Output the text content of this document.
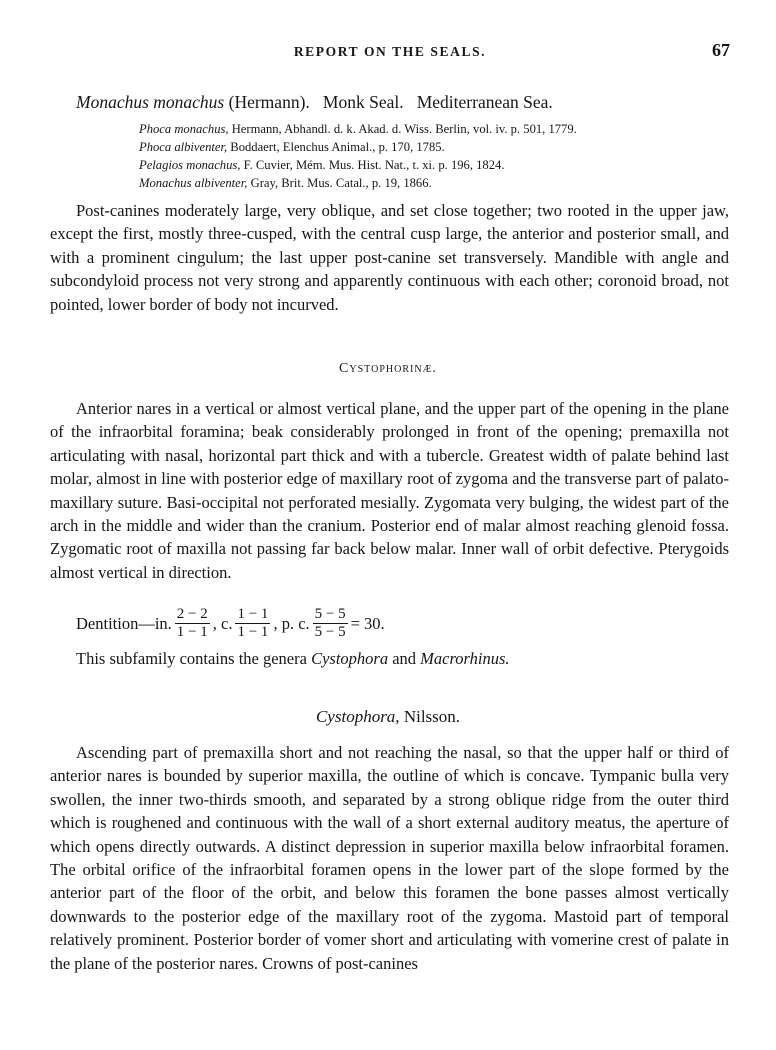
REPORT ON THE SEALS.	67
Monachus monachus (Hermann). Monk Seal. Mediterranean Sea.
Phoca monachus, Hermann, Abhandl. d. k. Akad. d. Wiss. Berlin, vol. iv. p. 501, 1779.
Phoca albiventer, Boddaert, Elenchus Animal., p. 170, 1785.
Pelagios monachus, F. Cuvier, Mém. Mus. Hist. Nat., t. xi. p. 196, 1824.
Monachus albiventer, Gray, Brit. Mus. Catal., p. 19, 1866.
Post-canines moderately large, very oblique, and set close together; two rooted in the upper jaw, except the first, mostly three-cusped, with the central cusp large, the anterior and posterior small, and with a prominent cingulum; the last upper post-canine set transversely. Mandible with angle and subcondyloid process not very strong and apparently continuous with each other; coronoid broad, not pointed, lower border of body not incurved.
Cystophorinæ.
Anterior nares in a vertical or almost vertical plane, and the upper part of the opening in the plane of the infraorbital foramina; beak considerably prolonged in front of the opening; premaxilla not articulating with nasal, horizontal part thick and with a tubercle. Greatest width of palate behind last molar, almost in line with posterior edge of maxillary root of zygoma and the transverse part of palato-maxillary suture. Basi-occipital not perforated mesially. Zygomata very bulging, the widest part of the arch in the middle and wider than the cranium. Posterior end of malar almost reaching glenoid fossa. Zygomatic root of maxilla not passing far back below malar. Inner wall of orbit defective. Pterygoids almost vertical in direction.
Dentition—in. $\frac{2 - 2}{1 - 1}$ , c. $\frac{1 - 1}{1 - 1}$ , p. c. $\frac{5 - 5}{5 - 5} = 30$.
This subfamily contains the genera Cystophora and Macrorhinus.
Cystophora, Nilsson.
Ascending part of premaxilla short and not reaching the nasal, so that the upper half or third of anterior nares is bounded by superior maxilla, the outline of which is concave. Tympanic bulla very swollen, the inner two-thirds smooth, and separated by a strong oblique ridge from the outer third which is roughened and continuous with the wall of a short external auditory meatus, the aperture of which opens directly outwards. A distinct depression in superior maxilla below infraorbital foramen. The orbital orifice of the infraorbital foramen opens in the lower part of the slope formed by the anterior part of the floor of the orbit, and below this foramen the bone passes almost vertically downwards to the posterior edge of the maxillary root of the zygoma. Mastoid part of temporal relatively prominent. Posterior border of vomer short and articulating with vomerine crest of palate in the plane of the posterior nares. Crowns of post-canines
